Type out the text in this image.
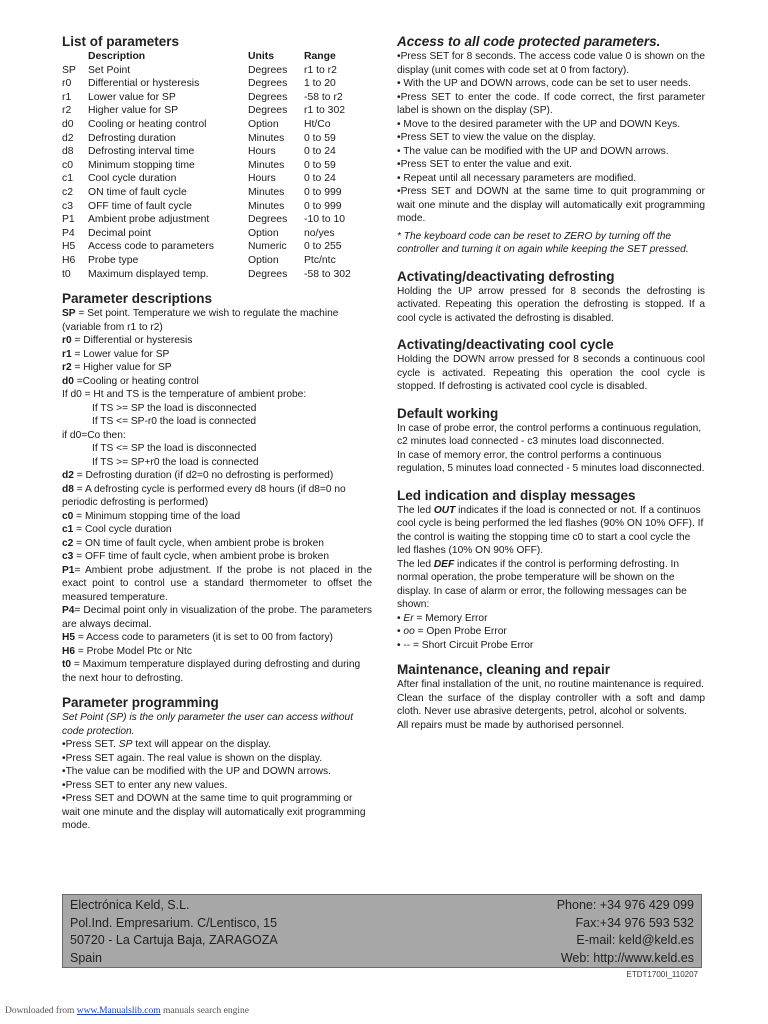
List of parameters
	Description	Units	Range
SP	Set Point	Degrees	r1 to r2
r0	Differential or hysteresis	Degrees	1 to 20
r1	Lower value for SP	Degrees	-58 to r2
r2	Higher value for SP	Degrees	r1 to 302
d0	Cooling or heating control	Option	Ht/Co
d2	Defrosting duration	Minutes	0 to 59
d8	Defrosting interval time	Hours	0 to 24
c0	Minimum stopping time	Minutes	0 to 59
c1	Cool cycle duration	Hours	0 to 24
c2	ON time of fault cycle	Minutes	0 to 999
c3	OFF time of fault cycle	Minutes	0 to 999
P1	Ambient probe adjustment	Degrees	-10 to 10
P4	Decimal point	Option	no/yes
H5	Access code to parameters	Numeric	0 to 255
H6	Probe type	Option	Ptc/ntc
t0	Maximum displayed temp.	Degrees	-58 to 302
Parameter descriptions

SP = Set point. Temperature we wish to regulate the machine (variable from r1 to r2)

r0 = Differential or hysteresis

r1 = Lower value for SP

r2 = Higher value for SP

d0 =Cooling or heating control

If d0 = Ht and TS is the temperature of ambient probe:

If TS >= SP the load is disconnected

If TS <= SP-r0 the load is connected

if d0=Co then:

If TS <= SP the load is disconnected

If TS >= SP+r0 the load is connected

d2 = Defrosting duration (if d2=0 no defrosting is performed)

d8 = A defrosting cycle is performed every d8 hours (if d8=0 no periodic defrosting is performed)

c0 = Minimum stopping time of the load

c1 = Cool cycle duration

c2 = ON time of fault cycle, when ambient probe is broken

c3 = OFF time of fault cycle, when ambient probe is broken

P1= Ambient probe adjustment. If the probe is not placed in the exact point to control use a standard thermometer to offset the measured temperature.

P4= Decimal point only in visualization of the probe. The parameters are always decimal.

H5 = Access code to parameters (it is set to 00 from factory)

H6 = Probe Model Ptc or Ntc

t0 = Maximum temperature displayed during defrosting and during the next hour to defrosting.

Parameter programming

Set Point (SP) is the only parameter the user can access without code protection.

•Press SET. SP text will appear on the display.

•Press SET again. The real value is shown on the display.

•The value can be modified with the UP and DOWN arrows.

•Press SET to enter any new values.

•Press SET and DOWN at the same time to quit programming or wait one minute and the display will automatically exit programming mode.

Access to all code protected parameters.

•Press SET for 8 seconds. The access code value 0 is shown on the display (unit comes with code set at 0 from factory).

• With the UP and DOWN arrows, code can be set to user needs.

•Press SET to enter the code. If code correct, the first parameter label is shown on the display (SP).

• Move to the desired parameter with the UP and DOWN Keys.

•Press SET to view the value on the display.

• The value can be modified with the UP and DOWN arrows.

•Press SET to enter the value and exit.

• Repeat until all necessary parameters are modified.

•Press SET and DOWN at the same time to quit programming or wait one minute and the display will automatically exit programming mode.

* The keyboard code can be reset to ZERO by turning off the controller and turning it on again while keeping the SET pressed.

Activating/deactivating defrosting

Holding the UP arrow pressed for 8 seconds the defrosting is activated. Repeating this operation the defrosting is stopped. If a cool cycle is activated the defrosting is disabled.

Activating/deactivating cool cycle

Holding the DOWN arrow pressed for 8 seconds a continuous cool cycle is activated. Repeating this operation the cool cycle is stopped. If defrosting is activated cool cycle is disabled.

Default working

In case of probe error, the control performs a continuous regulation, c2 minutes load connected - c3 minutes load disconnected.

In case of memory error, the control performs a continuous regulation, 5 minutes load connected - 5 minutes load disconnected.

Led indication and display messages

The led OUT indicates if the load is connected or not. If a continuos cool cycle is being performed the led flashes (90% ON 10% OFF). If the control is waiting the stopping time c0 to start a cool cycle the led flashes (10% ON 90% OFF).

The led DEF indicates if the control is performing defrosting. In normal operation, the probe temperature will be shown on the display. In case of alarm or error, the following messages can be shown:

• Er = Memory Error

• oo = Open Probe Error

• -- = Short Circuit Probe Error

Maintenance, cleaning and repair

After final installation of the unit, no routine maintenance is required.

Clean the surface of the display controller with a soft and damp cloth. Never use abrasive detergents, petrol, alcohol or solvents.

All repairs must be made by authorised personnel.

Electrónica Keld, S.L.
Pol.Ind. Empresarium. C/Lentisco, 15
50720 - La Cartuja Baja, ZARAGOZA
Spain
Phone: +34 976 429 099
Fax:+34 976 593 532
E-mail: keld@keld.es
Web: http://www.keld.es
ETDT1700I_110207
Downloaded from www.Manualslib.com manuals search engine
